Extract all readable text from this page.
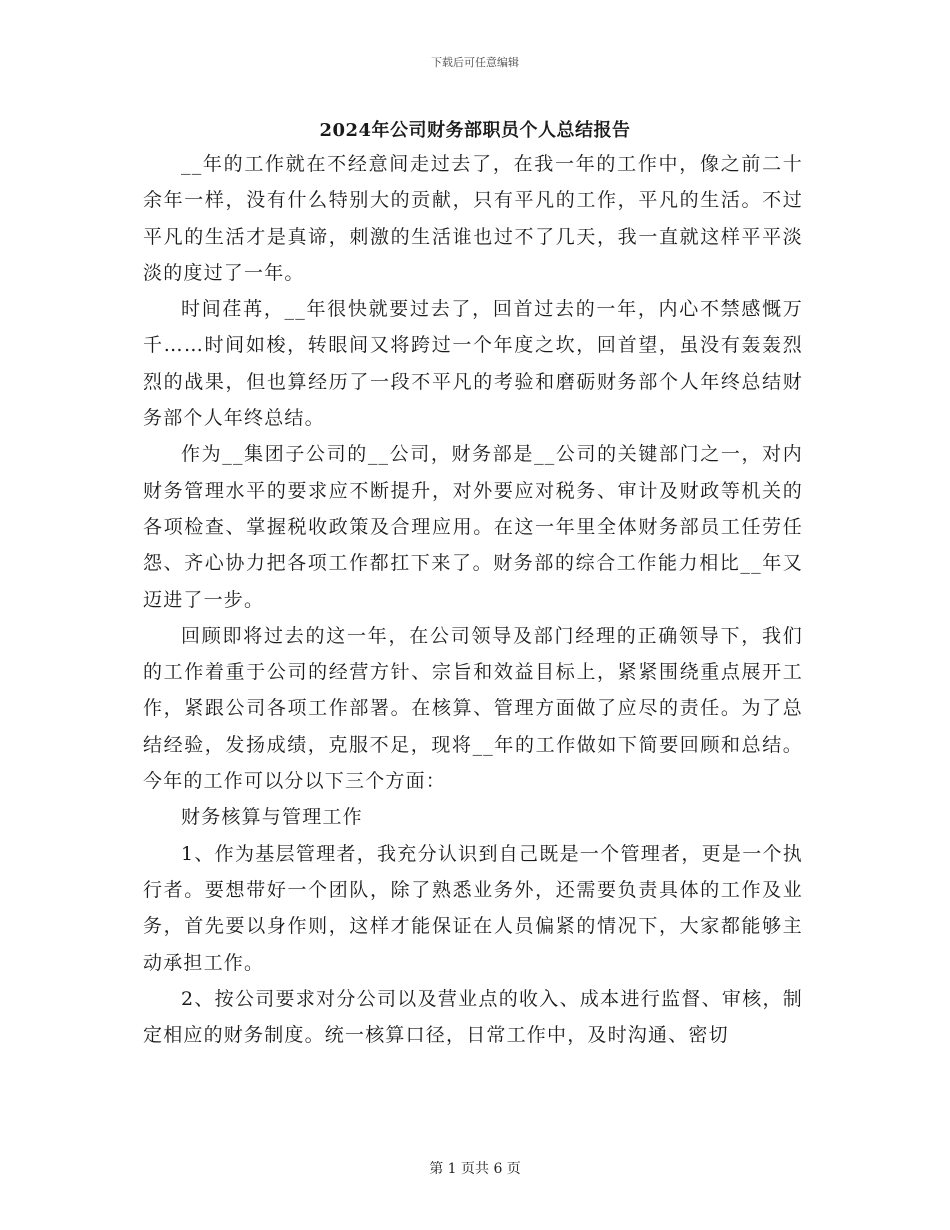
下载后可任意编辑
2024年公司财务部职员个人总结报告

__年的工作就在不经意间走过去了，在我一年的工作中，像之前二十余年一样，没有什么特别大的贡献，只有平凡的工作，平凡的生活。不过平凡的生活才是真谛，刺激的生活谁也过不了几天，我一直就这样平平淡淡的度过了一年。

时间荏苒，__年很快就要过去了，回首过去的一年，内心不禁感慨万千……时间如梭，转眼间又将跨过一个年度之坎，回首望，虽没有轰轰烈烈的战果，但也算经历了一段不平凡的考验和磨砺财务部个人年终总结财务部个人年终总结。

作为__集团子公司的__公司，财务部是__公司的关键部门之一，对内财务管理水平的要求应不断提升，对外要应对税务、审计及财政等机关的各项检查、掌握税收政策及合理应用。在这一年里全体财务部员工任劳任怨、齐心协力把各项工作都扛下来了。财务部的综合工作能力相比__年又迈进了一步。

回顾即将过去的这一年，在公司领导及部门经理的正确领导下，我们的工作着重于公司的经营方针、宗旨和效益目标上，紧紧围绕重点展开工作，紧跟公司各项工作部署。在核算、管理方面做了应尽的责任。为了总结经验，发扬成绩，克服不足，现将__年的工作做如下简要回顾和总结。今年的工作可以分以下三个方面：

财务核算与管理工作

1、作为基层管理者，我充分认识到自己既是一个管理者，更是一个执行者。要想带好一个团队，除了熟悉业务外，还需要负责具体的工作及业务，首先要以身作则，这样才能保证在人员偏紧的情况下，大家都能够主动承担工作。

2、按公司要求对分公司以及营业点的收入、成本进行监督、审核，制定相应的财务制度。统一核算口径，日常工作中，及时沟通、密切

第 1 页共 6 页
